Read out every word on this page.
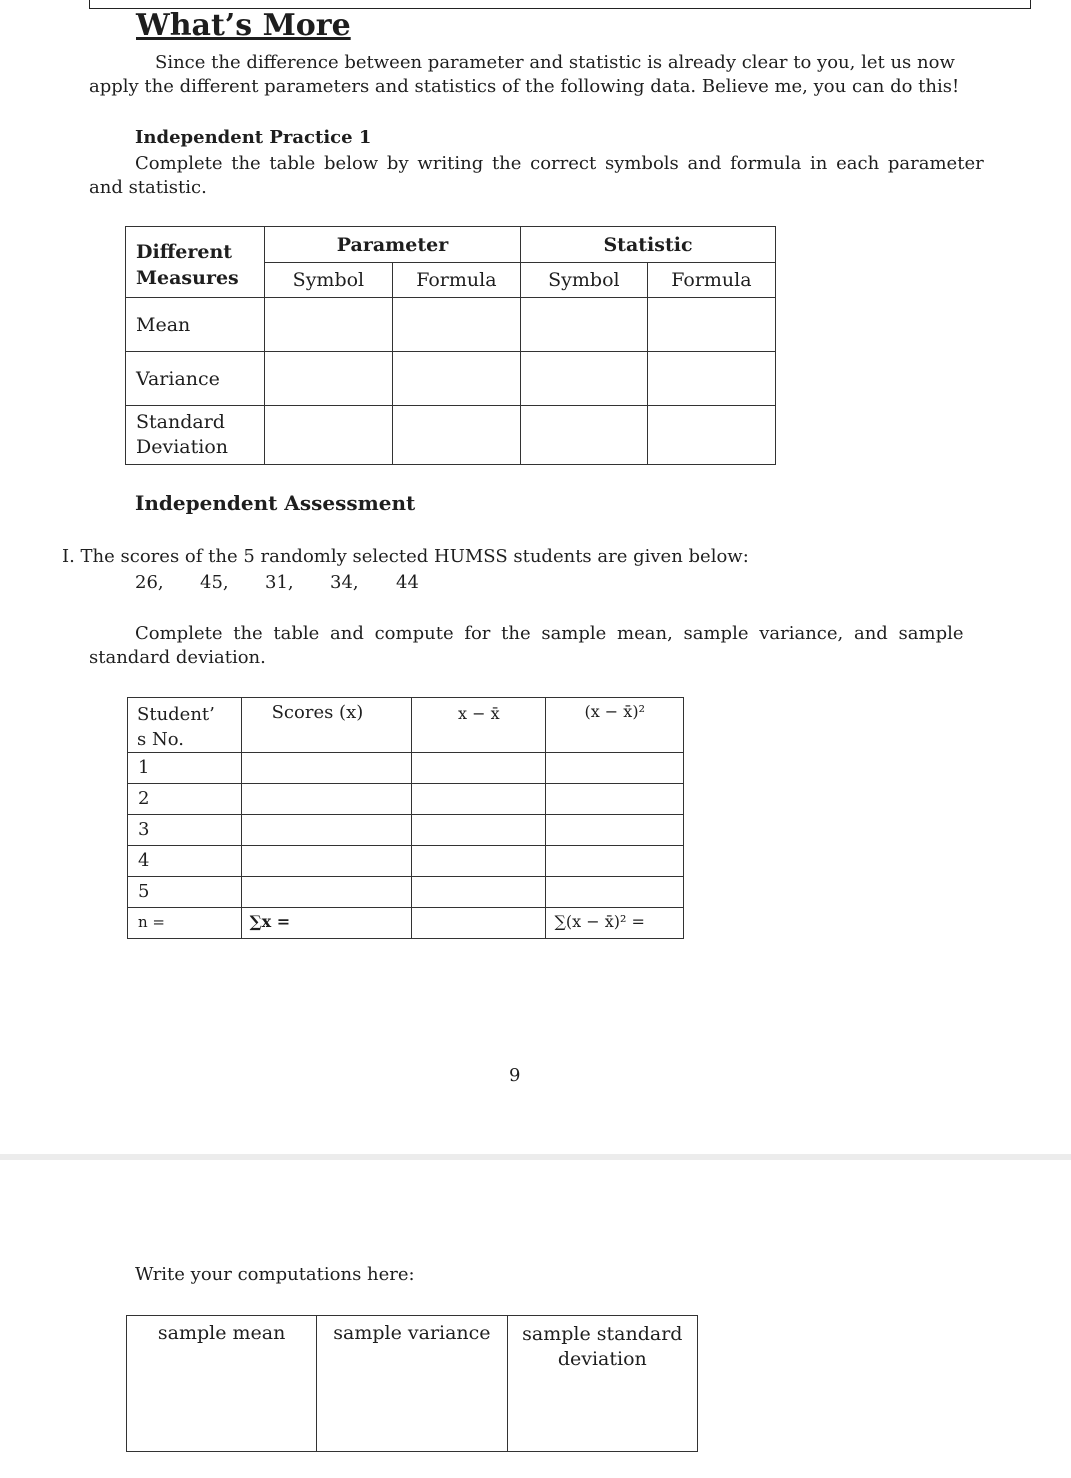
What’s More
Since the difference between parameter and statistic is already clear to you, let us now
apply the different parameters and statistics of the following data. Believe me, you can do this!
Independent Practice 1
Complete the table below by writing the correct symbols and formula in each parameter
and statistic.
Different
Measures	Parameter		Statistic	
	Symbol	Formula	Symbol	Formula
Mean				
Variance				

Standard
Deviation				

Independent Assessment
I. The scores of the 5 randomly selected HUMSS students are given below:
26, 45, 31, 34, 44
Complete the table and compute for the sample mean, sample variance, and sample
standard deviation.
Student’
s No.	Scores (x)	x − x̄	(x − x̄)²
1			
2			
3			
4			
5			
n =	∑x =		∑(x − x̄)² =
9
Write your computations here:
sample mean	sample variance	sample standard
deviation
